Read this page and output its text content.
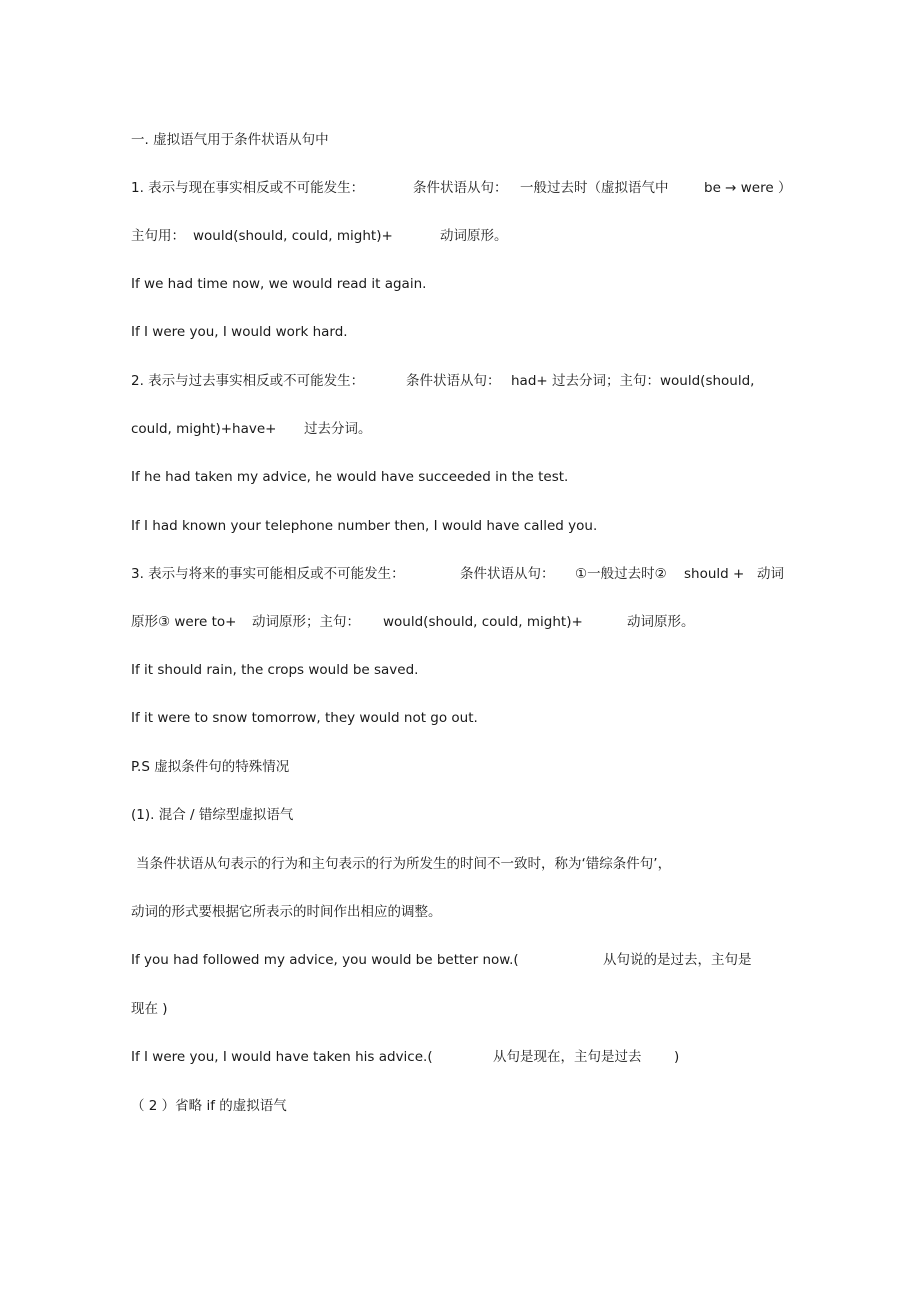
一. 虚拟语气用于条件状语从句中
1. 表示与现在事实相反或不可能发生：	条件状语从句： 一般过去时（虚拟语气中	be → were ）
主句用： would(should, could, might)+	动词原形。
If we had time now, we would read it again.
If I were you, I would work hard.
2. 表示与过去事实相反或不可能发生：	条件状语从句： had+ 过去分词；主句：would(should,
could, might)+have+ 过去分词。
If he had taken my advice, he would have succeeded in the test.
If I had known your telephone number then, I would have called you.
3. 表示与将来的事实可能相反或不可能发生：	条件状语从句： ①一般过去时② should + 动词
原形③ were to+ 动词原形；主句： would(should, could, might)+	动词原形。
If it should rain, the crops would be saved.
If it were to snow tomorrow, they would not go out.
P.S 虚拟条件句的特殊情况
(1). 混合 / 错综型虚拟语气
当条件状语从句表示的行为和主句表示的行为所发生的时间不一致时，称为‘错综条件句’，
动词的形式要根据它所表示的时间作出相应的调整。
If you had followed my advice, you would be better now.(	从句说的是过去，主句是
现在 )
If I were you, I would have taken his advice.(	从句是现在，主句是过去 )
（ 2 ）省略 if 的虚拟语气
